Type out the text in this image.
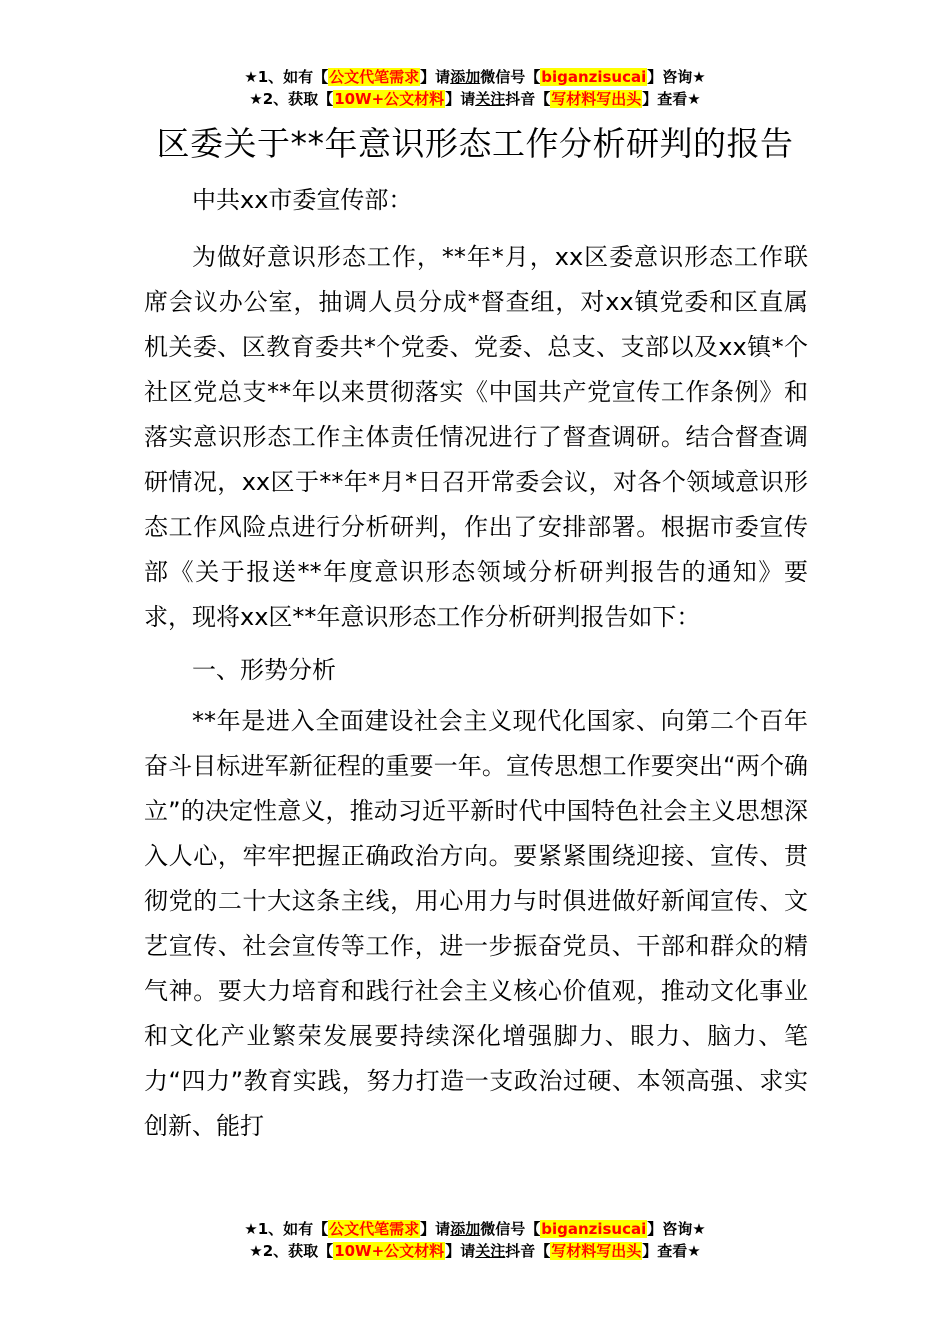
★1、如有【公文代笔需求】请添加微信号【biganzisucai】咨询★
★2、获取【10W+公文材料】请关注抖音【写材料写出头】查看★
区委关于**年意识形态工作分析研判的报告

中共xx市委宣传部：

为做好意识形态工作，**年*月，xx区委意识形态工作联席会议办公室，抽调人员分成*督查组，对xx镇党委和区直属机关委、区教育委共*个党委、党委、总支、支部以及xx镇*个社区党总支**年以来贯彻落实《中国共产党宣传工作条例》和落实意识形态工作主体责任情况进行了督查调研。结合督查调研情况，xx区于**年*月*日召开常委会议，对各个领域意识形态工作风险点进行分析研判，作出了安排部署。根据市委宣传部《关于报送**年度意识形态领域分析研判报告的通知》要求，现将xx区**年意识形态工作分析研判报告如下：

一、形势分析

**年是进入全面建设社会主义现代化国家、向第二个百年奋斗目标进军新征程的重要一年。宣传思想工作要突出“两个确立”的决定性意义，推动习近平新时代中国特色社会主义思想深入人心，牢牢把握正确政治方向。要紧紧围绕迎接、宣传、贯彻党的二十大这条主线，用心用力与时俱进做好新闻宣传、文艺宣传、社会宣传等工作，进一步振奋党员、干部和群众的精气神。要大力培育和践行社会主义核心价值观，推动文化事业和文化产业繁荣发展要持续深化增强脚力、眼力、脑力、笔力“四力”教育实践，努力打造一支政治过硬、本领高强、求实创新、能打

★1、如有【公文代笔需求】请添加微信号【biganzisucai】咨询★
★2、获取【10W+公文材料】请关注抖音【写材料写出头】查看★
